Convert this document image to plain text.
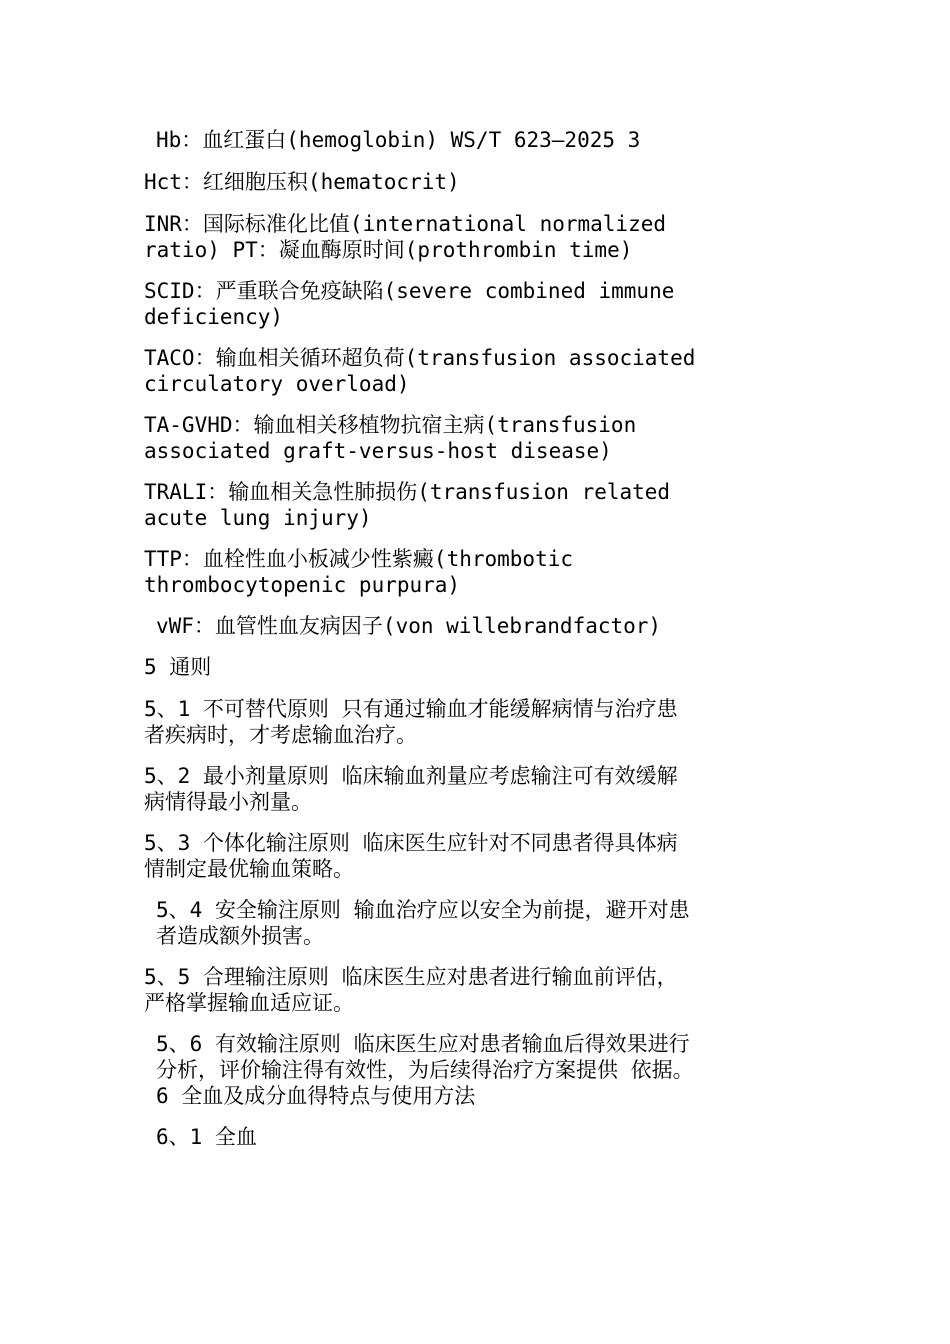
Hb：血红蛋白(hemoglobin) WS/T 623—2025 3
Hct：红细胞压积(hematocrit)
INR：国际标准化比值(international normalized
ratio) PT：凝血酶原时间(prothrombin time)
SCID：严重联合免疫缺陷(severe combined immune
deficiency)
TACO：输血相关循环超负荷(transfusion associated
circulatory overload)
TA-GVHD：输血相关移植物抗宿主病(transfusion
associated graft-versus-host disease)
TRALI：输血相关急性肺损伤(transfusion related
acute lung injury)
TTP：血栓性血小板减少性紫癜(thrombotic
thrombocytopenic purpura)
vWF：血管性血友病因子(von willebrandfactor)
5 通则
5、1 不可替代原则 只有通过输血才能缓解病情与治疗患
者疾病时，才考虑输血治疗。
5、2 最小剂量原则 临床输血剂量应考虑输注可有效缓解
病情得最小剂量。
5、3 个体化输注原则 临床医生应针对不同患者得具体病
情制定最优输血策略。
5、4 安全输注原则 输血治疗应以安全为前提，避开对患
者造成额外损害。
5、5 合理输注原则 临床医生应对患者进行输血前评估，
严格掌握输血适应证。
5、6 有效输注原则 临床医生应对患者输血后得效果进行
分析，评价输注得有效性，为后续得治疗方案提供 依据。
6 全血及成分血得特点与使用方法
6、1 全血
